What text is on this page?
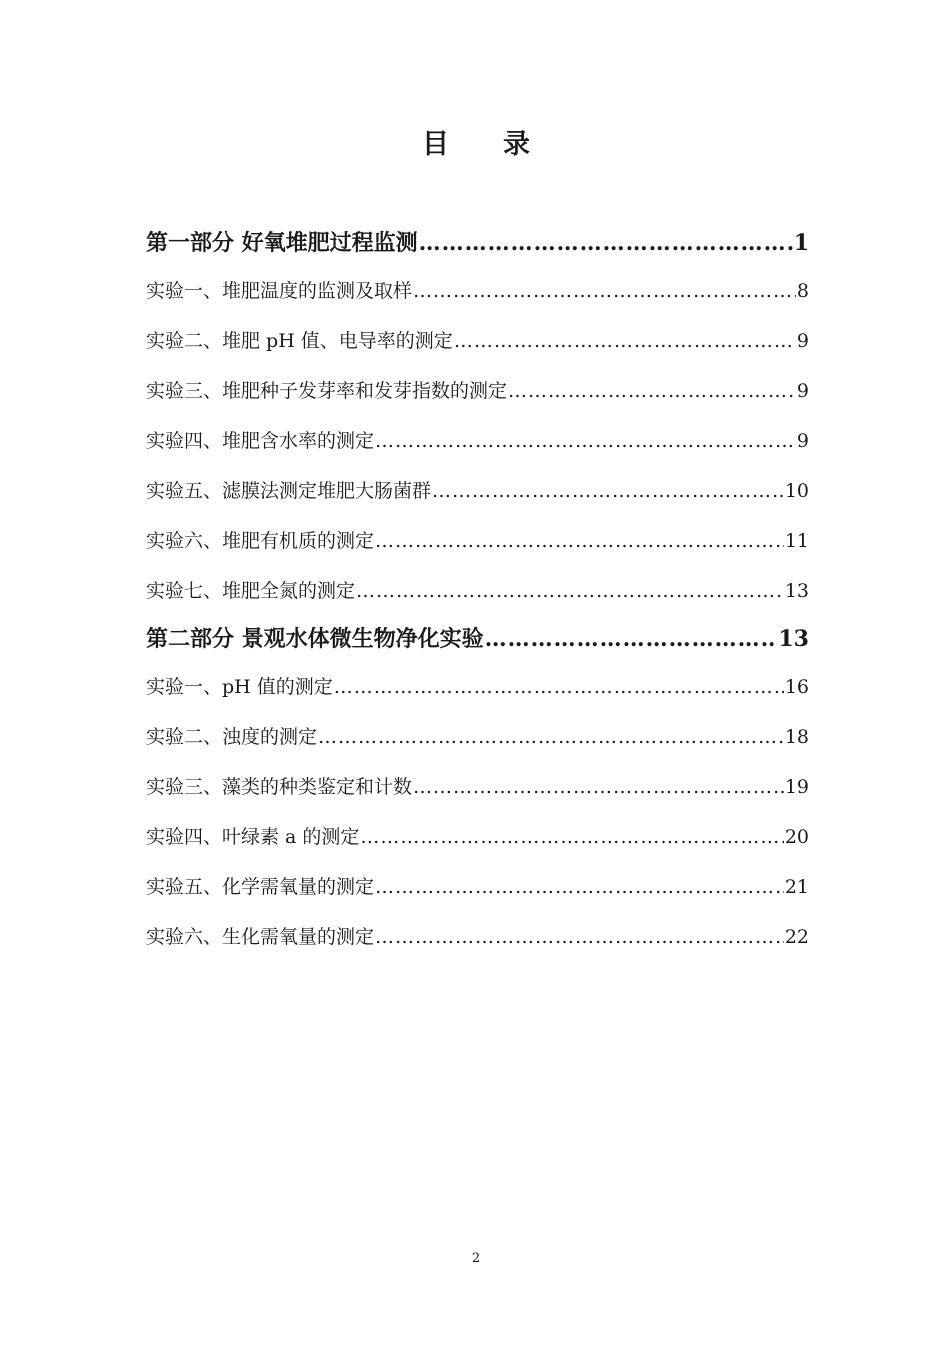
目 录
第一部分 好氧堆肥过程监测 …………………………………………………………………………………………………………………………………………………………………………	1
实验一、堆肥温度的监测及取样 …………………………………………………………………………………………………………………………………………………………………………	8
实验二、堆肥 pH 值、电导率的测定 …………………………………………………………………………………………………………………………………………………………………………	9
实验三、堆肥种子发芽率和发芽指数的测定 …………………………………………………………………………………………………………………………………………………………………………	9
实验四、堆肥含水率的测定 …………………………………………………………………………………………………………………………………………………………………………	9
实验五、滤膜法测定堆肥大肠菌群 …………………………………………………………………………………………………………………………………………………………………………	10
实验六、堆肥有机质的测定 …………………………………………………………………………………………………………………………………………………………………………	11
实验七、堆肥全氮的测定 …………………………………………………………………………………………………………………………………………………………………………	13
第二部分 景观水体微生物净化实验 …………………………………………………………………………………………………………………………………………………………………………	13
实验一、pH 值的测定 …………………………………………………………………………………………………………………………………………………………………………	16
实验二、浊度的测定 …………………………………………………………………………………………………………………………………………………………………………	18
实验三、藻类的种类鉴定和计数 …………………………………………………………………………………………………………………………………………………………………………	19
实验四、叶绿素 a 的测定 …………………………………………………………………………………………………………………………………………………………………………	20
实验五、化学需氧量的测定 …………………………………………………………………………………………………………………………………………………………………………	21
实验六、生化需氧量的测定 …………………………………………………………………………………………………………………………………………………………………………	22
2
